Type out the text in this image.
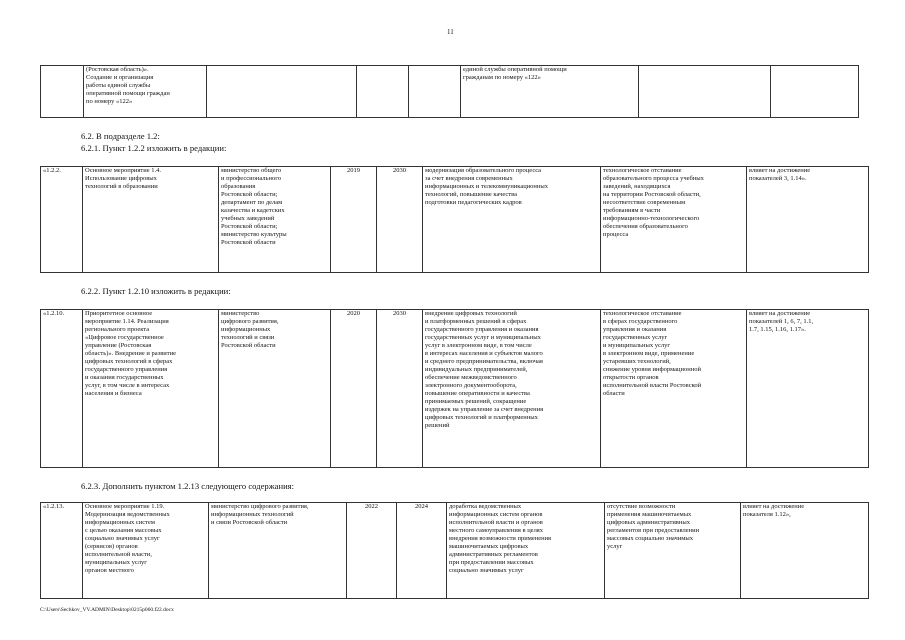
11
	(Ростовская область)».
Создание и организация
работы единой службы
оперативной помощи граждан
по номеру «122»				единой службы оперативной помощи
гражданам по номеру «122»		
6.2. В подразделе 1.2:
6.2.1. Пункт 1.2.2 изложить в редакции:
«1.2.2.	Основное мероприятие 1.4.
Использование цифровых
технологий в образовании	министерство общего
и профессионального
образования
Ростовской области;
департамент по делам
казачества и кадетских
учебных заведений
Ростовской области;
министерство культуры
Ростовской области	2019	2030	модернизация образовательного процесса
за счет внедрения современных
информационных и телекоммуникационных
технологий, повышение качества
подготовки педагогических кадров	технологическое отставание
образовательного процесса учебных
заведений, находящихся
на территории Ростовской области,
несоответствие современным
требованиям в части
информационно-технологического
обеспечения образовательного
процесса	влияет на достижение
показателей 3, 1.14».
6.2.2. Пункт 1.2.10 изложить в редакции:
«1.2.10.	Приоритетное основное
мероприятие 1.14. Реализация
регионального проекта
«Цифровое государственное
управление (Ростовская
область)». Внедрение и развитие
цифровых технологий в сферах
государственного управления
и оказания государственных
услуг, в том числе в интересах
населения и бизнеса	министерство
цифрового развития,
информационных
технологий и связи
Ростовской области	2020	2030	внедрение цифровых технологий
и платформенных решений в сферах
государственного управления и оказания
государственных услуг и муниципальных
услуг в электронном виде, в том числе
в интересах населения и субъектов малого
и среднего предпринимательства, включая
индивидуальных предпринимателей,
обеспечение межведомственного
электронного документооборота,
повышение оперативности и качества
принимаемых решений, сокращение
издержек на управление за счет внедрения
цифровых технологий и платформенных
решений	технологическое отставание
в сферах государственного
управления и оказания
государственных услуг
и муниципальных услуг
в электронном виде, применение
устаревших технологий,
снижение уровня информационной
открытости органов
исполнительной власти Ростовской
области	влияет на достижение
показателей 1, 6, 7, 1.1,
1.7, 1.15, 1.16, 1.17».
6.2.3. Дополнить пунктом 1.2.13 следующего содержания:
«1.2.13.	Основное мероприятие 1.19.
Модернизация ведомственных
информационных систем
с целью оказания массовых
социально значимых услуг
(сервисов) органов
исполнительной власти,
муниципальных услуг
органов местного	министерство цифрового развития,
информационных технологий
и связи Ростовской области	2022	2024	доработка ведомственных
информационных систем органов
исполнительной власти и органов
местного самоуправления в целях
внедрения возможности применения
машиночитаемых цифровых
административных регламентов
при предоставлении массовых
социально значимых услуг	отсутствие возможности
применения машиночитаемых
цифровых административных
регламентов при предоставлении
массовых социально значимых
услуг	влияет на достижение
показателя 1.12»,
C:\Users\Sechkov_VV.ADMIN\Desktop\0215p060.f22.docx
